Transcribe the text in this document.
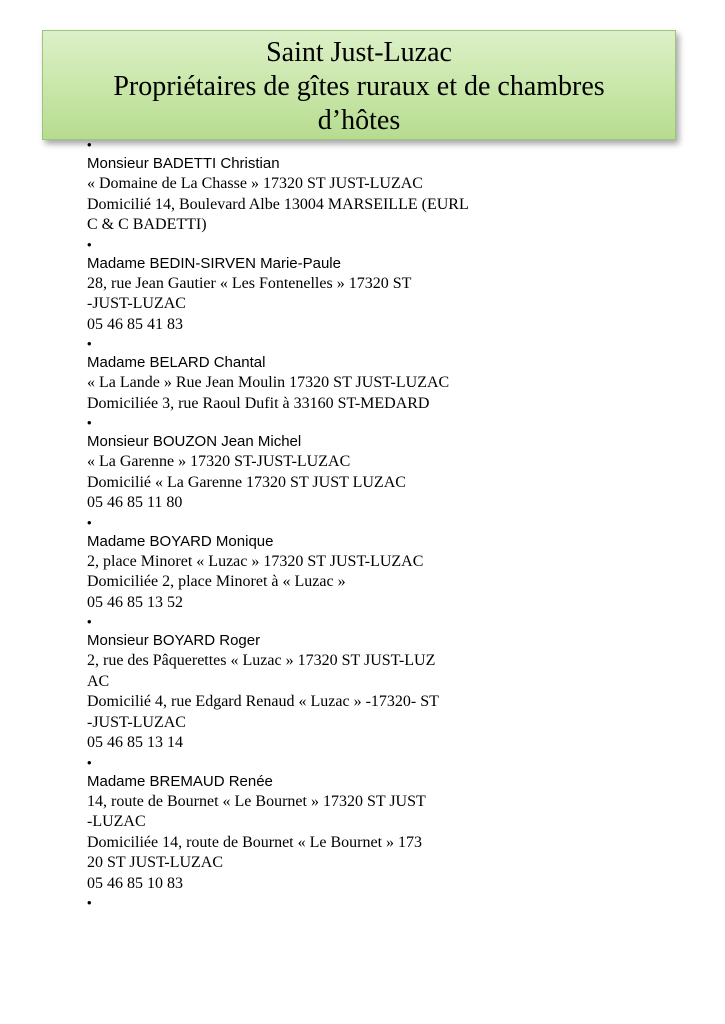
Saint Just-Luzac
Propriétaires de gîtes ruraux et de chambres
d’hôtes
•
Monsieur BADETTI Christian
« Domaine de La Chasse » 17320 ST JUST-LUZAC
Domicilié 14, Boulevard Albe 13004 MARSEILLE (EURL
C & C BADETTI)
•
Madame BEDIN-SIRVEN Marie-Paule
28, rue Jean Gautier « Les Fontenelles » 17320 ST
-JUST-LUZAC
05 46 85 41 83
•
Madame BELARD Chantal
« La Lande » Rue Jean Moulin 17320 ST JUST-LUZAC
Domiciliée 3, rue Raoul Dufit à 33160 ST-MEDARD
•
Monsieur BOUZON Jean Michel
« La Garenne » 17320 ST-JUST-LUZAC
Domicilié « La Garenne 17320 ST JUST LUZAC
05 46 85 11 80
•
Madame BOYARD Monique
2, place Minoret « Luzac » 17320 ST JUST-LUZAC
Domiciliée 2, place Minoret à « Luzac »
05 46 85 13 52
•
Monsieur BOYARD Roger
2, rue des Pâquerettes « Luzac » 17320 ST JUST-LUZ
AC
Domicilié 4, rue Edgard Renaud « Luzac » -17320- ST
-JUST-LUZAC
05 46 85 13 14
•
Madame BREMAUD Renée
14, route de Bournet « Le Bournet » 17320 ST JUST
-LUZAC
Domiciliée 14, route de Bournet « Le Bournet » 173
20 ST JUST-LUZAC
05 46 85 10 83
•
